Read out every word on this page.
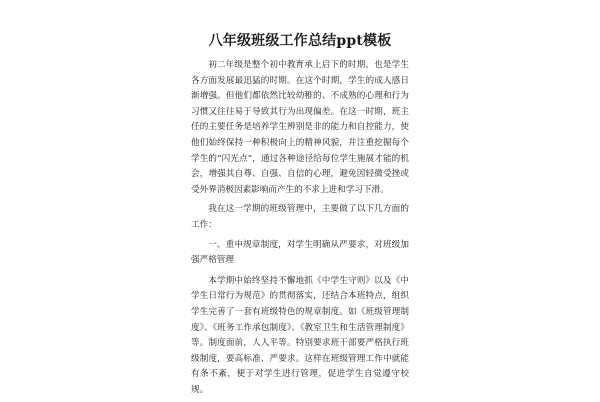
八年级班级工作总结ppt模板

初二年级是整个初中教育承上启下的时期，也是学生各方面发展最迅猛的时期。在这个时期，学生的成人感日渐增强。但他们都依然比较幼稚的、不成熟的心理和行为习惯又往往易于导致其行为出现偏差。在这一时期，班主任的主要任务是培养学生辨别是非的能力和自控能力，使他们始终保持一种积极向上的精神风貌，并注重挖掘每个学生的“闪光点”，通过各种途径给每位学生施展才能的机会，增强其自尊、自强、自信的心理，避免因轻微受挫或受外界消极因素影响而产生的不求上进和学习下滑。

我在这一学期的班级管理中，主要做了以下几方面的工作：

一、重申规章制度，对学生明确从严要求，对班级加强严格管理

本学期中始终坚持不懈地抓《中学生守则》以及《中学生日常行为规范》的贯彻落实，还结合本班特点，组织学生完善了一套有班级特色的规章制度。如《班级管理制度》、《班务工作承包制度》、《教室卫生和生活管理制度》等。制度面前，人人平等。特别要求班干部要严格执行班级制度，要高标准、严要求。这样在班级管理工作中就能有条不紊，便于对学生进行管理，促进学生自觉遵守校规。
